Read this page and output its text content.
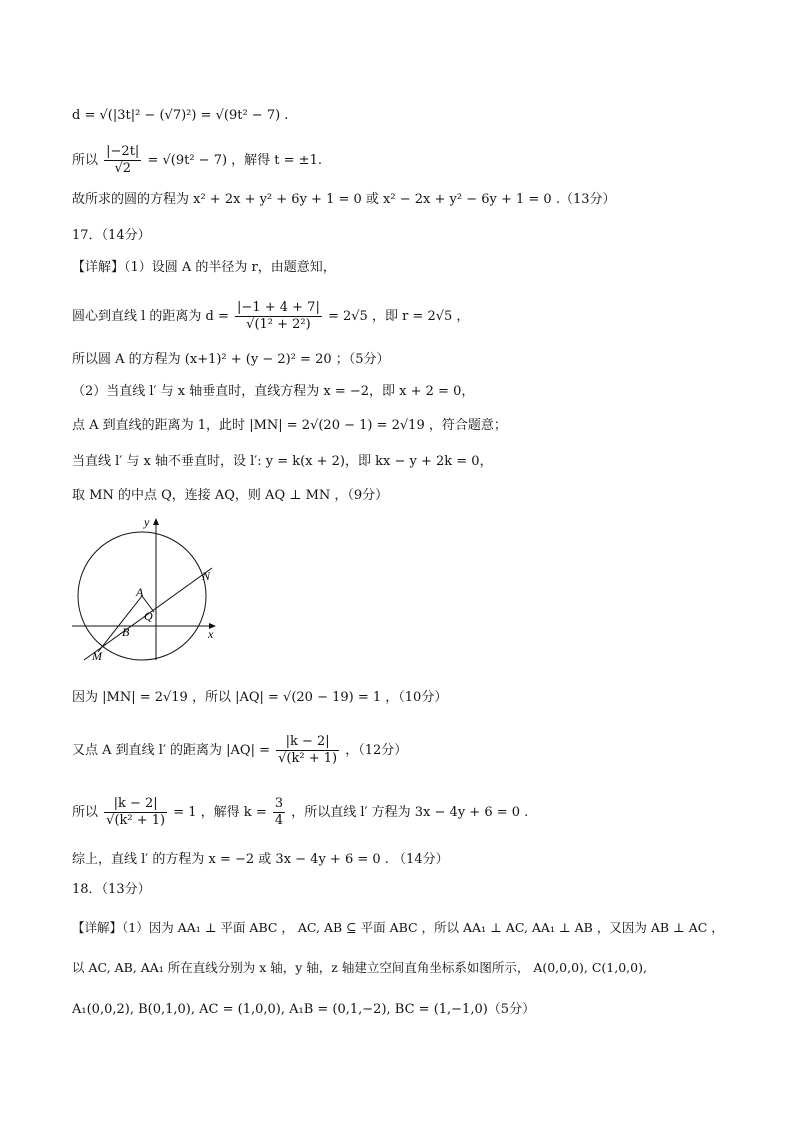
d = √(|3t|² − (√7)²) = √(9t² − 7) .
所以 $\frac{|-2t|}{√2} = √(9t^2 - 7)$ ，解得 t = ±1.
故所求的圆的方程为 x² + 2x + y² + 6y + 1 = 0 或 x² − 2x + y² − 6y + 1 = 0 .（13分）
17．（14分）
【详解】（1）设圆 A 的半径为 r，由题意知，
圆心到直线 l 的距离为 $d = \frac{|-1 + 4 + 7|}{\text{√(1² + 2²)}} = 2√5$ ，即 r = 2√5 ，
所以圆 A 的方程为 (x+1)² + (y − 2)² = 20 ；（5分）
（2）当直线 l′ 与 x 轴垂直时，直线方程为 x = −2，即 x + 2 = 0，
点 A 到直线的距离为 1，此时 |MN| = 2√(20 − 1) = 2√19 ，符合题意；
当直线 l′ 与 x 轴不垂直时，设 l′: y = k(x + 2)，即 kx − y + 2k = 0，
取 MN 的中点 Q，连接 AQ，则 AQ ⊥ MN ，（9分）
y
x
A
Q
B
N
M
因为 |MN| = 2√19 ，所以 |AQ| = √(20 − 19) = 1 ，（10分）
又点 A 到直线 l′ 的距离为 $|AQ| = \frac{|k - 2|}{\text{√(k² + 1)}}$ ，（12分）
所以 $\frac{|k - 2|}{\text{√(k² + 1)}} = 1$ ，解得 $k = \frac{3}{4}$ ，所以直线 l′ 方程为 3x − 4y + 6 = 0 .
综上，直线 l′ 的方程为 x = −2 或 3x − 4y + 6 = 0 . （14分）
18．（13分）
【详解】（1）因为 AA₁ ⊥ 平面 ABC ， AC, AB ⊆ 平面 ABC ，所以 AA₁ ⊥ AC, AA₁ ⊥ AB ，又因为 AB ⊥ AC ，
以 AC, AB, AA₁ 所在直线分别为 x 轴，y 轴，z 轴建立空间直角坐标系如图所示， A(0,0,0), C(1,0,0),
A₁(0,0,2), B(0,1,0), AC = (1,0,0), A₁B = (0,1,−2), BC = (1,−1,0)（5分）
